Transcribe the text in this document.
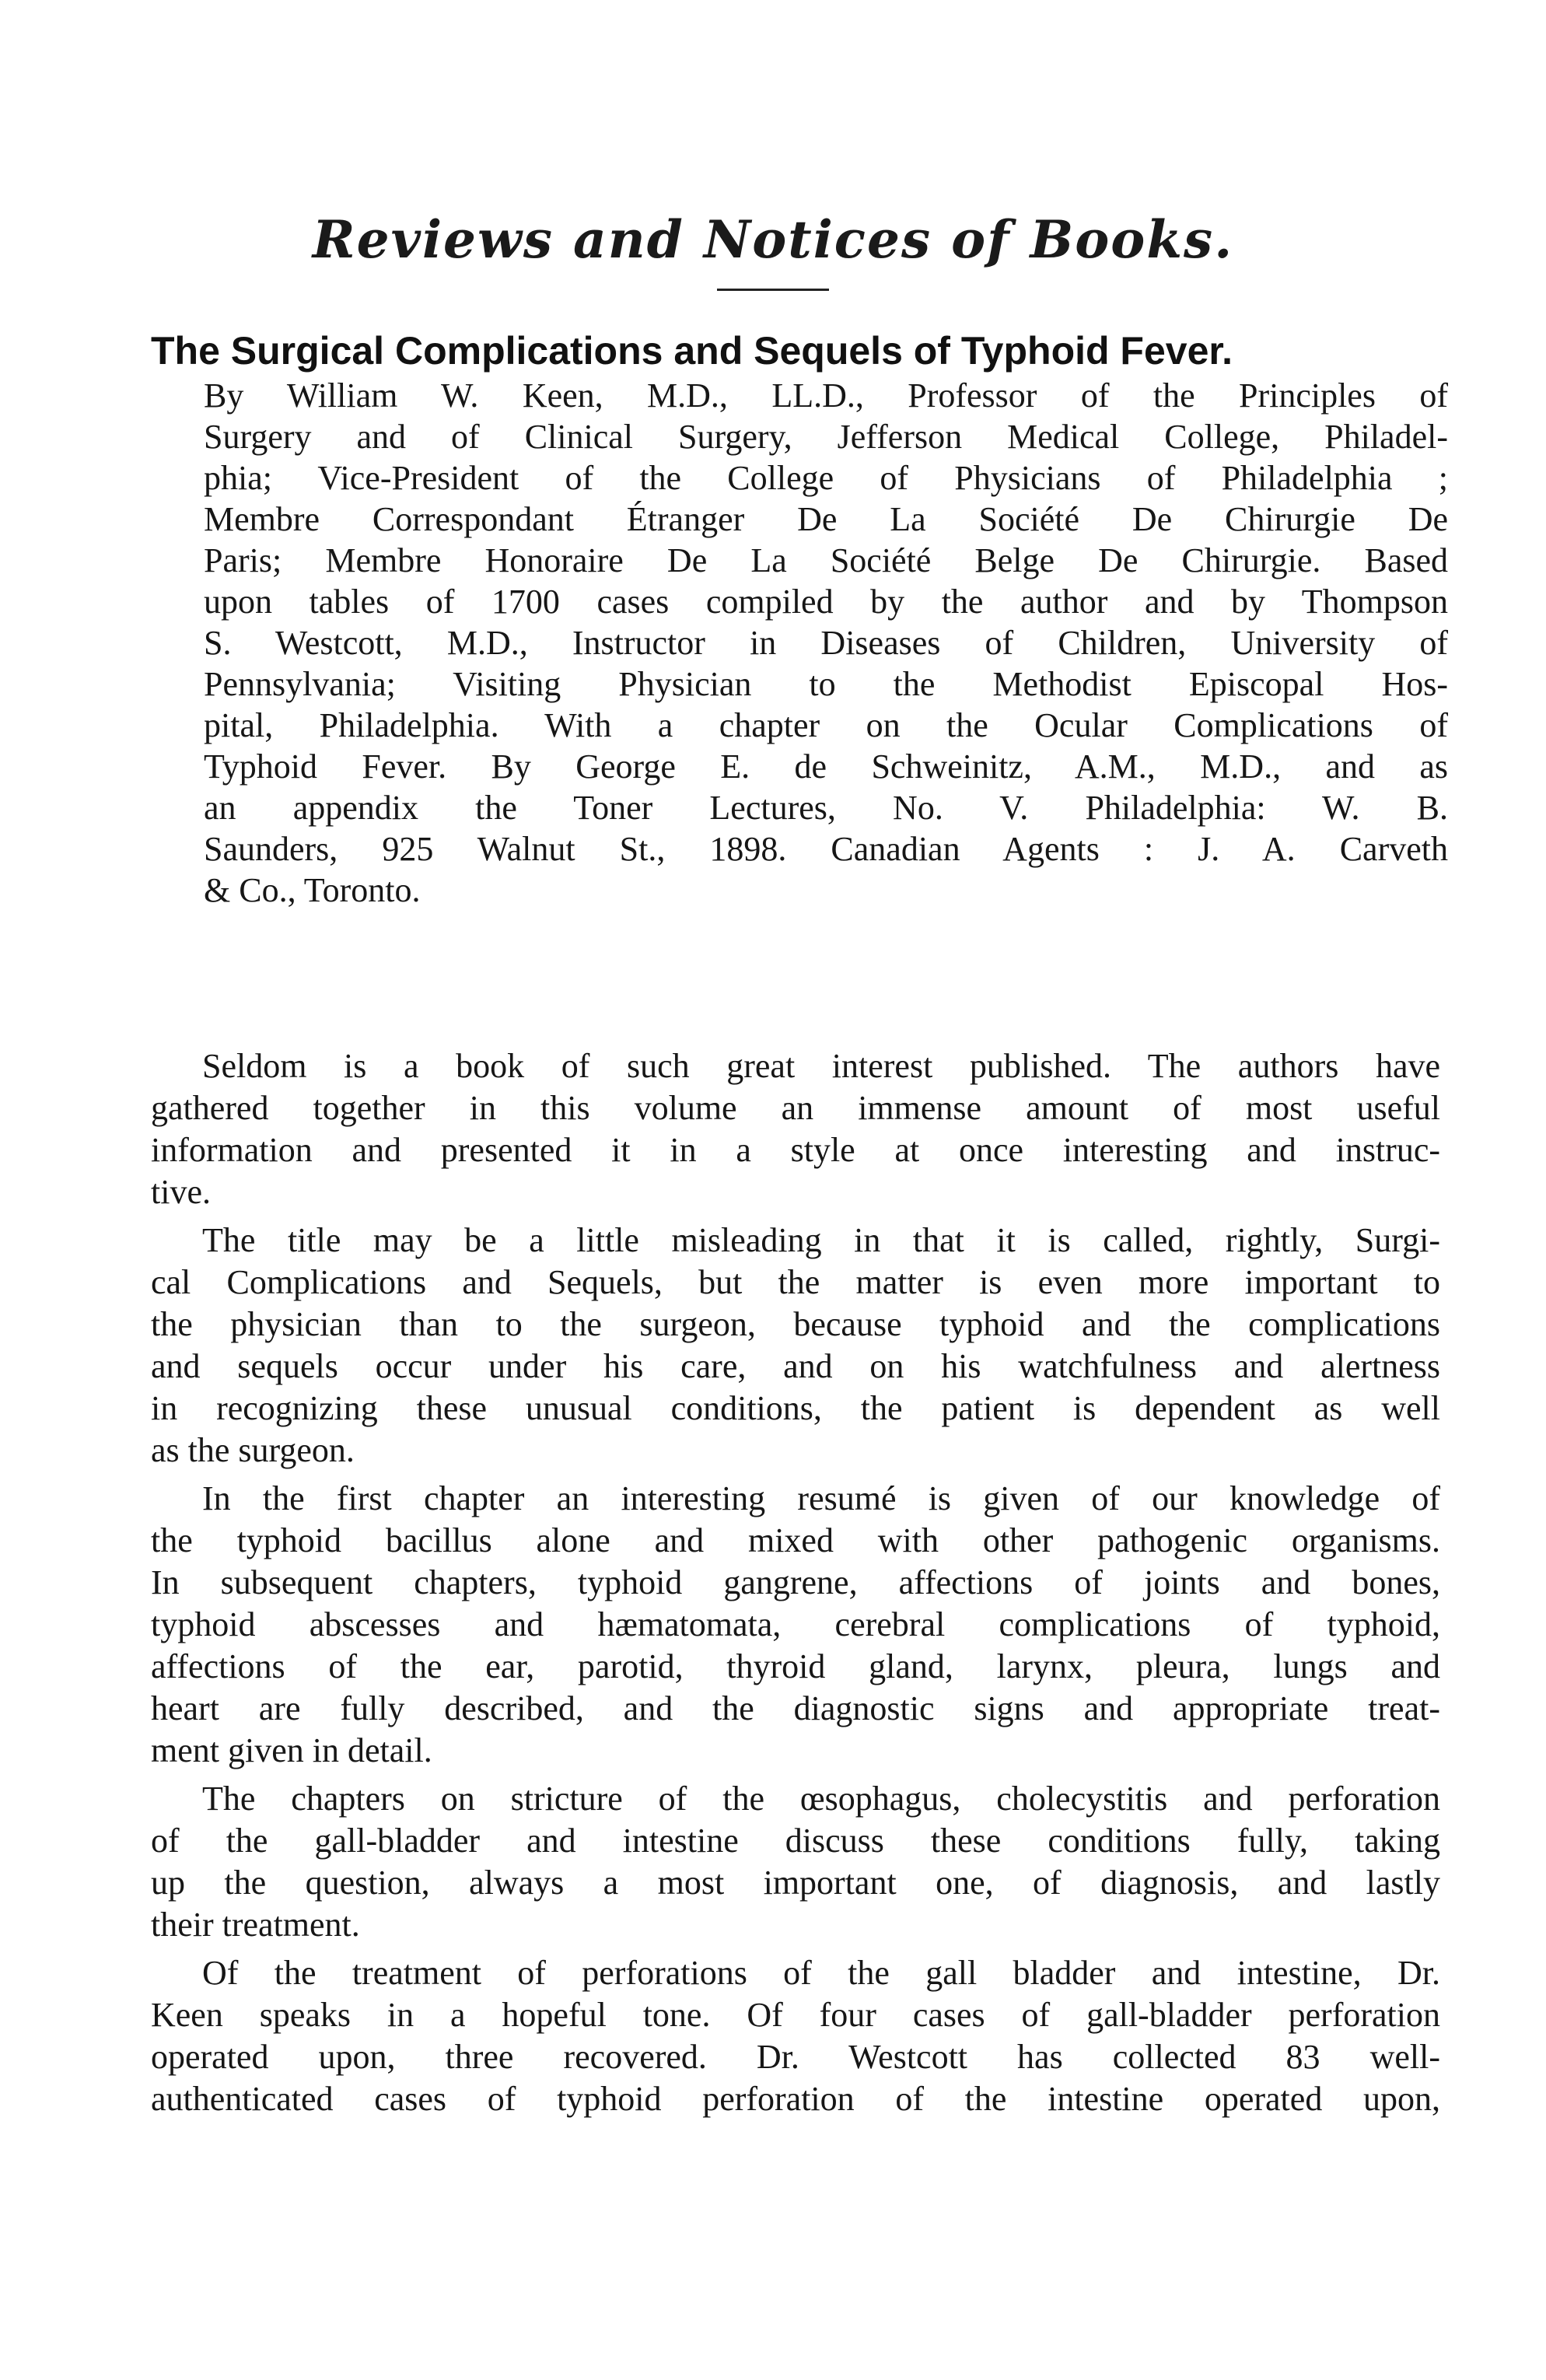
Reviews and Notices of Books.
The Surgical Complications and Sequels of Typhoid Fever.
By William W. Keen, M.D., LL.D., Professor of the Principles of
Surgery and of Clinical Surgery, Jefferson Medical College, Philadel-
phia; Vice-President of the College of Physicians of Philadelphia ;
Membre Correspondant Étranger De La Société De Chirurgie De
Paris; Membre Honoraire De La Société Belge De Chirurgie. Based
upon tables of 1700 cases compiled by the author and by Thompson
S. Westcott, M.D., Instructor in Diseases of Children, University of
Pennsylvania; Visiting Physician to the Methodist Episcopal Hos-
pital, Philadelphia. With a chapter on the Ocular Complications of
Typhoid Fever. By George E. de Schweinitz, A.M., M.D., and as
an appendix the Toner Lectures, No. V. Philadelphia: W. B.
Saunders, 925 Walnut St., 1898. Canadian Agents : J. A. Carveth
& Co., Toronto.
Seldom is a book of such great interest published. The authors have
gathered together in this volume an immense amount of most useful
information and presented it in a style at once interesting and instruc-
tive.
The title may be a little misleading in that it is called, rightly, Surgi-
cal Complications and Sequels, but the matter is even more important to
the physician than to the surgeon, because typhoid and the complications
and sequels occur under his care, and on his watchfulness and alertness
in recognizing these unusual conditions, the patient is dependent as well
as the surgeon.
In the first chapter an interesting resumé is given of our knowledge of
the typhoid bacillus alone and mixed with other pathogenic organisms.
In subsequent chapters, typhoid gangrene, affections of joints and bones,
typhoid abscesses and hæmatomata, cerebral complications of typhoid,
affections of the ear, parotid, thyroid gland, larynx, pleura, lungs and
heart are fully described, and the diagnostic signs and appropriate treat-
ment given in detail.
The chapters on stricture of the œsophagus, cholecystitis and perforation
of the gall-bladder and intestine discuss these conditions fully, taking
up the question, always a most important one, of diagnosis, and lastly
their treatment.
Of the treatment of perforations of the gall bladder and intestine, Dr.
Keen speaks in a hopeful tone. Of four cases of gall-bladder perforation
operated upon, three recovered. Dr. Westcott has collected 83 well-
authenticated cases of typhoid perforation of the intestine operated upon,
